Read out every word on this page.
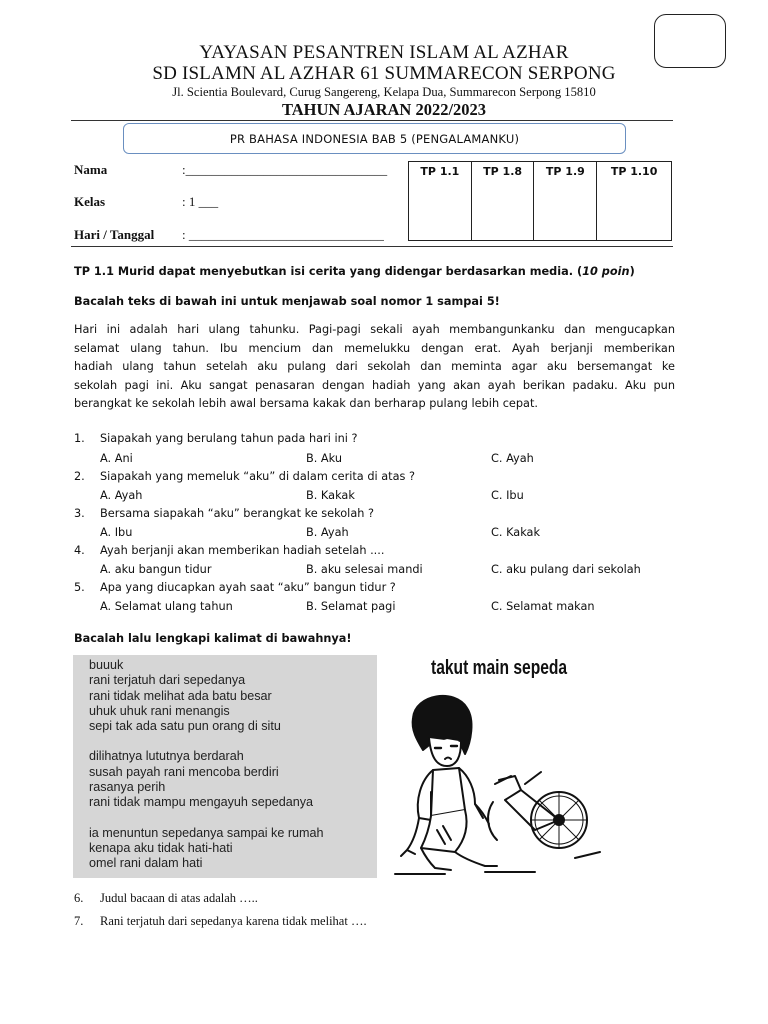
YAYASAN PESANTREN ISLAM AL AZHAR
SD ISLAMN AL AZHAR 61 SUMMARECON SERPONG
Jl. Scientia Boulevard, Curug Sangereng, Kelapa Dua, Summarecon Serpong 15810
TAHUN AJARAN 2022/2023
PR BAHASA INDONESIA BAB 5 (PENGALAMANKU)
Nama	:_______________________________
Kelas	: 1 ___
Hari / Tanggal : ______________________________
TP 1.1	TP 1.8	TP 1.9	TP 1.10
TP 1.1 Murid dapat menyebutkan isi cerita yang didengar berdasarkan media. (10 poin)
Bacalah teks di bawah ini untuk menjawab soal nomor 1 sampai 5!
Hari ini adalah hari ulang tahunku. Pagi-pagi sekali ayah membangunkanku dan mengucapkan
selamat ulang tahun. Ibu mencium dan memelukku dengan erat. Ayah berjanji memberikan
hadiah ulang tahun setelah aku pulang dari sekolah dan meminta agar aku bersemangat ke
sekolah pagi ini. Aku sangat penasaran dengan hadiah yang akan ayah berikan padaku. Aku pun
berangkat ke sekolah lebih awal bersama kakak dan berharap pulang lebih cepat.
1. Siapakah yang berulang tahun pada hari ini ?
A. Ani	B. Aku	C. Ayah
2. Siapakah yang memeluk “aku” di dalam cerita di atas ?
A. Ayah	B. Kakak	C. Ibu
3. Bersama siapakah “aku” berangkat ke sekolah ?
A. Ibu	B. Ayah	C. Kakak
4. Ayah berjanji akan memberikan hadiah setelah ....
A. aku bangun tidur	B. aku selesai mandi	C. aku pulang dari sekolah
5. Apa yang diucapkan ayah saat “aku” bangun tidur ?
A. Selamat ulang tahun	B. Selamat pagi	C. Selamat makan
Bacalah lalu lengkapi kalimat di bawahnya!
buuuk
rani terjatuh dari sepedanya
rani tidak melihat ada batu besar
uhuk uhuk rani menangis
sepi tak ada satu pun orang di situ
dilihatnya lututnya berdarah
susah payah rani mencoba berdiri
rasanya perih
rani tidak mampu mengayuh sepedanya
ia menuntun sepedanya sampai ke rumah
kenapa aku tidak hati-hati
omel rani dalam hati
takut main sepeda
6. Judul bacaan di atas adalah …..
7. Rani terjatuh dari sepedanya karena tidak melihat ….
